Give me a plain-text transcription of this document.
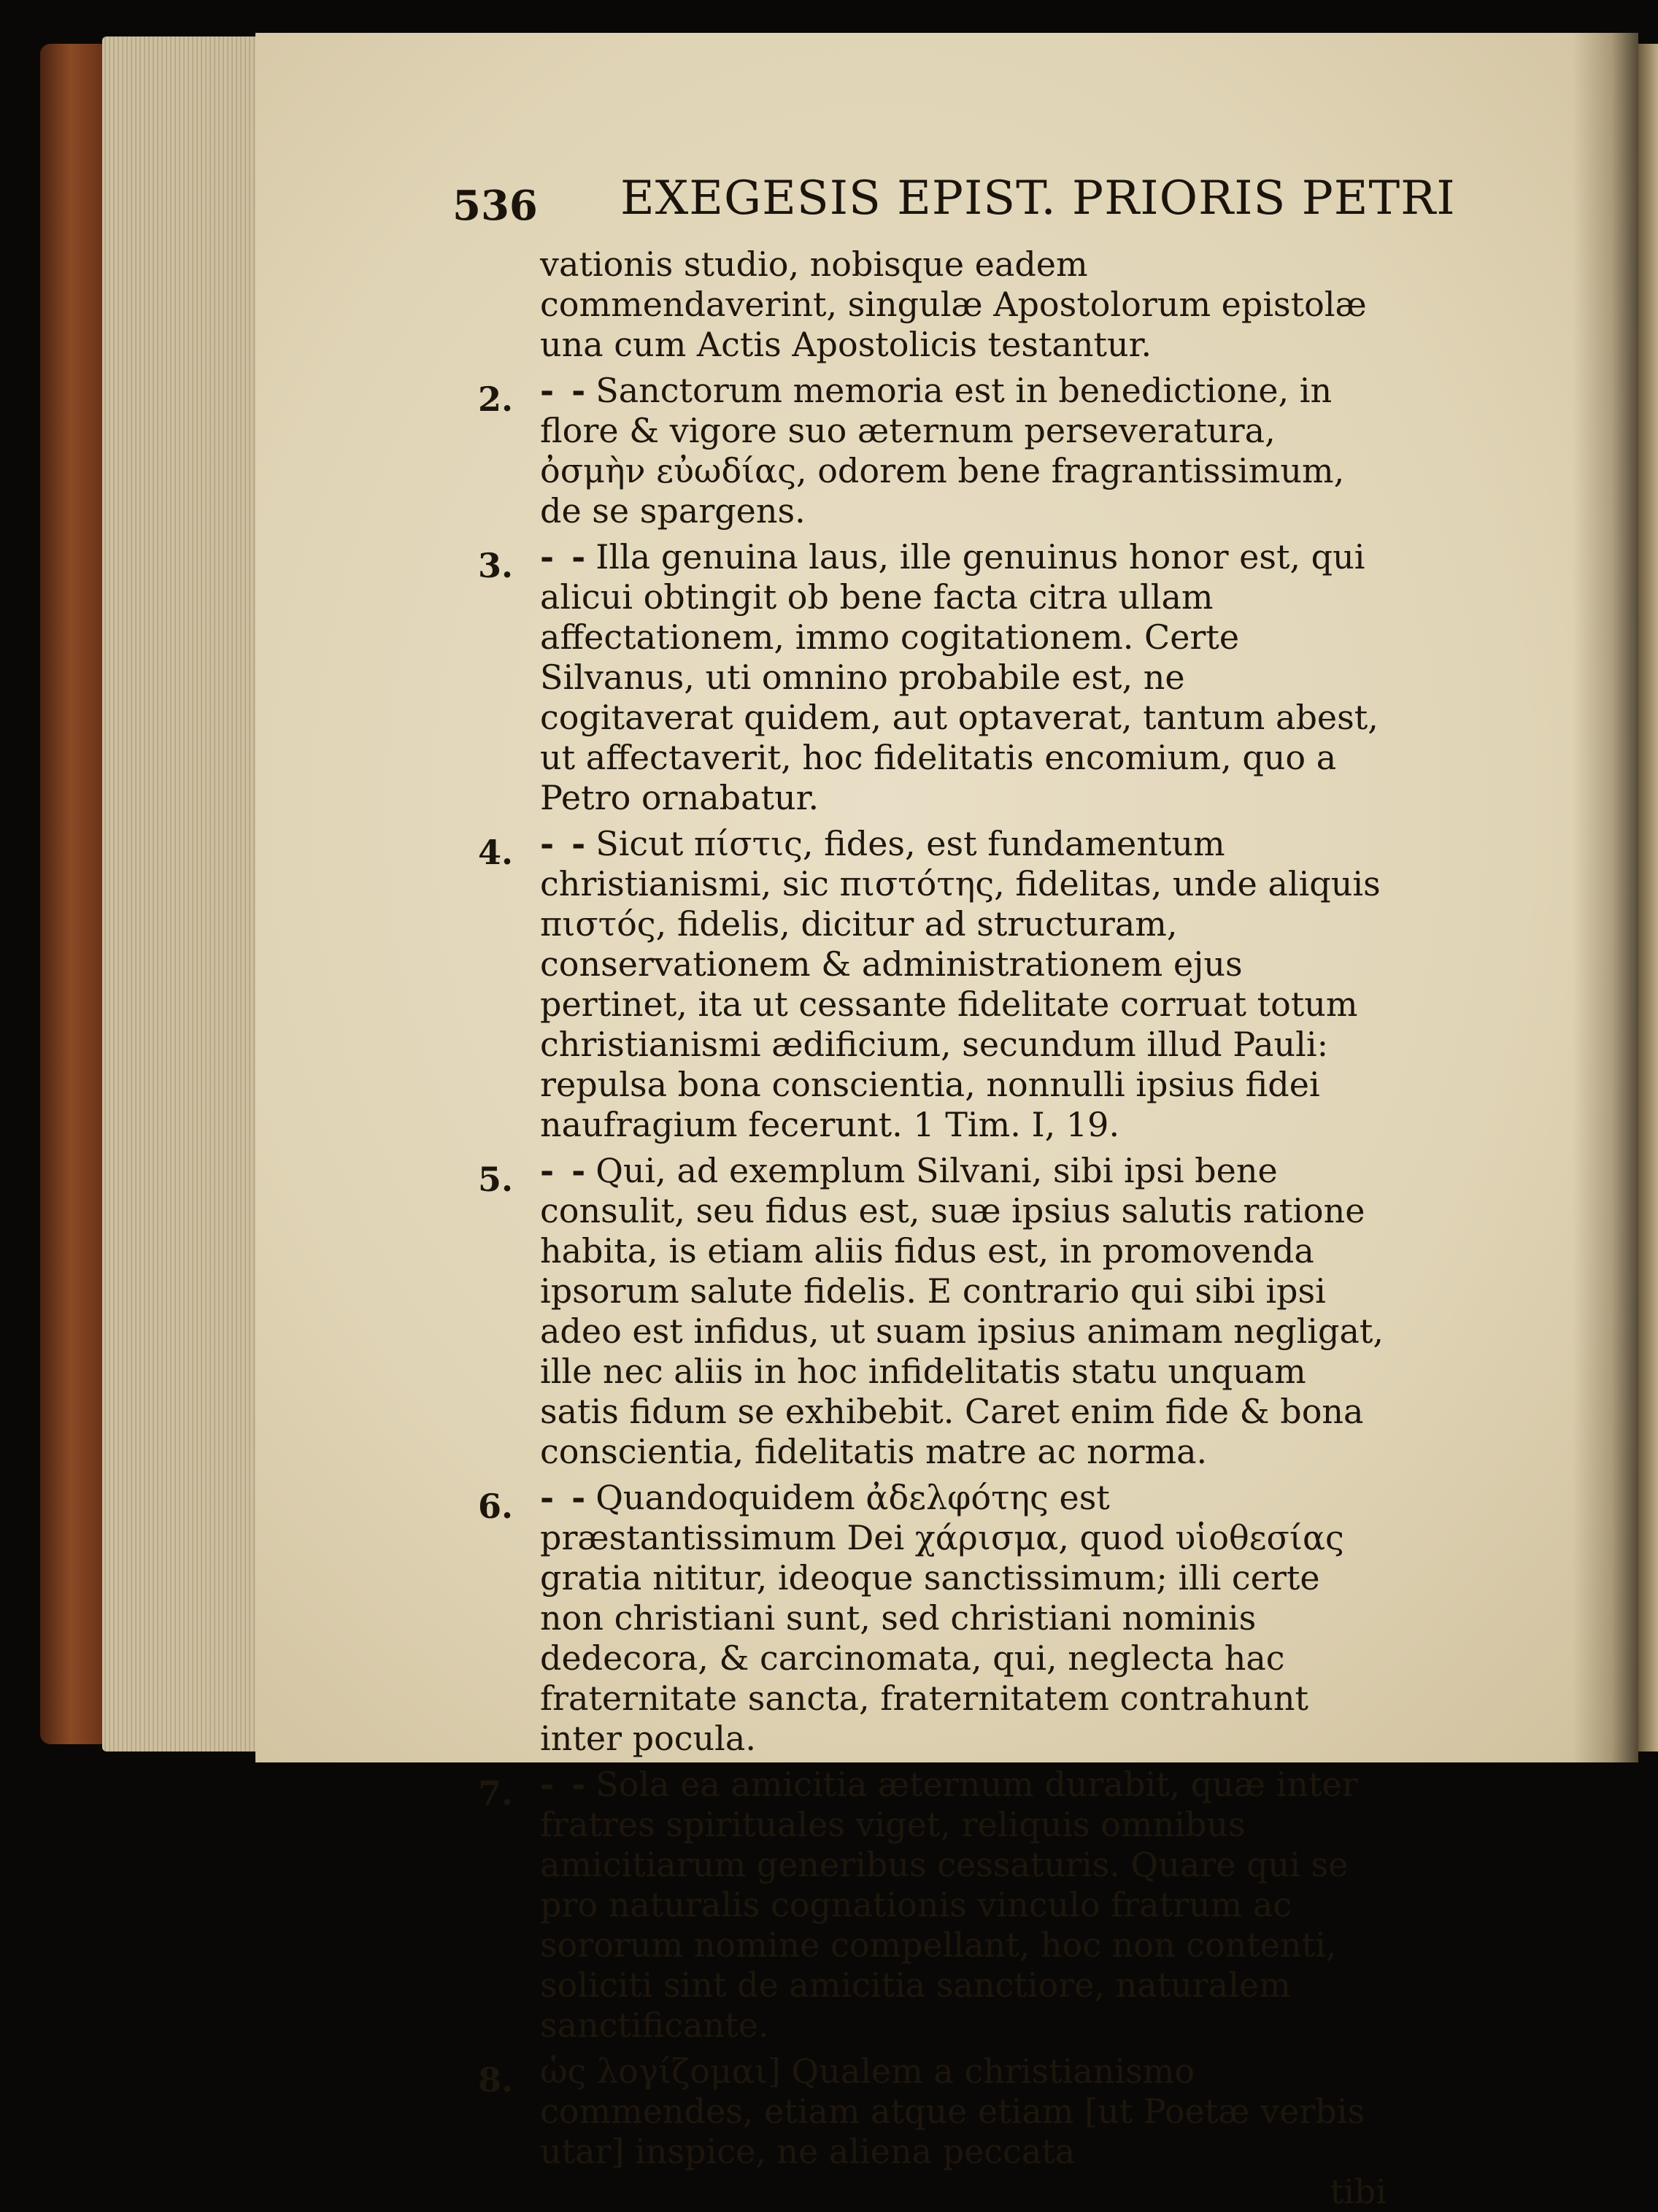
536 EXEGESIS EPIST. PRIORIS PETRI
vationis studio, nobisque eadem commendaverint, singulæ Apostolorum epistolæ una cum Actis Apostolicis testantur.
2. - - Sanctorum memoria est in benedictione, in flore & vigore suo æternum perseveratura, ὀσμὴν εὐωδίας, odorem bene fragrantissimum, de se spargens.
3. - - Illa genuina laus, ille genuinus honor est, qui alicui obtingit ob bene facta citra ullam affectationem, immo cogitationem. Certe Silvanus, uti omnino probabile est, ne cogitaverat quidem, aut optaverat, tantum abest, ut affectaverit, hoc fidelitatis encomium, quo a Petro ornabatur.
4. - - Sicut πίστις, fides, est fundamentum christianismi, sic πιστότης, fidelitas, unde aliquis πιστός, fidelis, dicitur ad structuram, conservationem & administrationem ejus pertinet, ita ut cessante fidelitate corruat totum christianismi ædificium, secundum illud Pauli: repulsa bona conscientia, nonnulli ipsius fidei naufragium fecerunt. 1 Tim. I, 19.
5. - - Qui, ad exemplum Silvani, sibi ipsi bene consulit, seu fidus est, suæ ipsius salutis ratione habita, is etiam aliis fidus est, in promovenda ipsorum salute fidelis. E contrario qui sibi ipsi adeo est infidus, ut suam ipsius animam negligat, ille nec aliis in hoc infidelitatis statu unquam satis fidum se exhibebit. Caret enim fide & bona conscientia, fidelitatis matre ac norma.
6. - - Quandoquidem ἀδελφότης est præstantissimum Dei χάρισμα, quod υἱοθεσίας gratia nititur, ideoque sanctissimum; illi certe non christiani sunt, sed christiani nominis dedecora, & carcinomata, qui, neglecta hac fraternitate sancta, fraternitatem contrahunt inter pocula.
7. - - Sola ea amicitia æternum durabit, quæ inter fratres spirituales viget, reliquis omnibus amicitiarum generibus cessaturis. Quare qui se pro naturalis cognationis vinculo fratrum ac sororum nomine compellant, hoc non contenti, soliciti sint de amicitia sanctiore, naturalem sanctificante.
8. ὡς λογίζομαι] Qualem a christianismo commendes, etiam atque etiam [ut Poetæ verbis utar] inspice, ne aliena peccata
tibi
